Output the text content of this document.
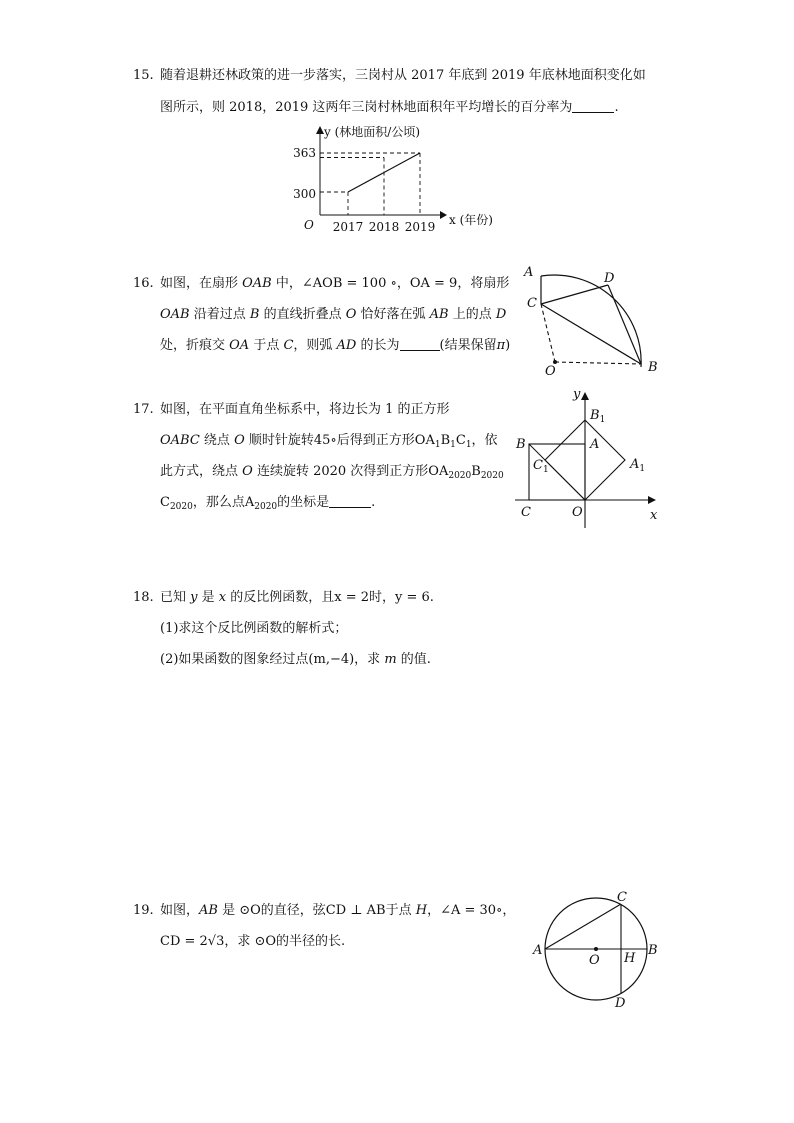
15. 随着退耕还林政策的进一步落实，三岗村从 2017 年底到 2019 年底林地面积变化如
图所示，则 2018，2019 这两年三岗村林地面积年平均增长的百分率为	.
y (林地面积/公顷)
x (年份)
O
363
300
2017 2018 2019
16. 如图，在扇形 OAB 中，∠AOB = 100 ∘，OA = 9，将扇形
OAB 沿着过点 B 的直线折叠点 O 恰好落在弧 AB 上的点 D
处，折痕交 OA 于点 C，则弧 AD 的长为	(结果保留π)
A	D
C
O	B
17. 如图，在平面直角坐标系中，将边长为 1 的正方形
OABC 绕点 O 顺时针旋转45∘后得到正方形$OA_1B_1C_1$，依
此方式，绕点 O 连续旋转 2020 次得到正方形$OA_{2020}B_{2020}$
$C_{2020}$，那么点$A_{2020}$的坐标是	.
y
x
$B_1$
B	A
$C_1$	$A_1$
C	O
18. 已知 y 是 x 的反比例函数，且x = 2时，y = 6.
(1)求这个反比例函数的解析式；
(2)如果函数的图象经过点(m,−4)，求 m 的值.
19. 如图，AB 是 ⊙O的直径，弦CD ⊥ AB于点 H，∠A = 30∘，
CD = 2√3，求 ⊙O的半径的长.
C
A
O H
B
D
